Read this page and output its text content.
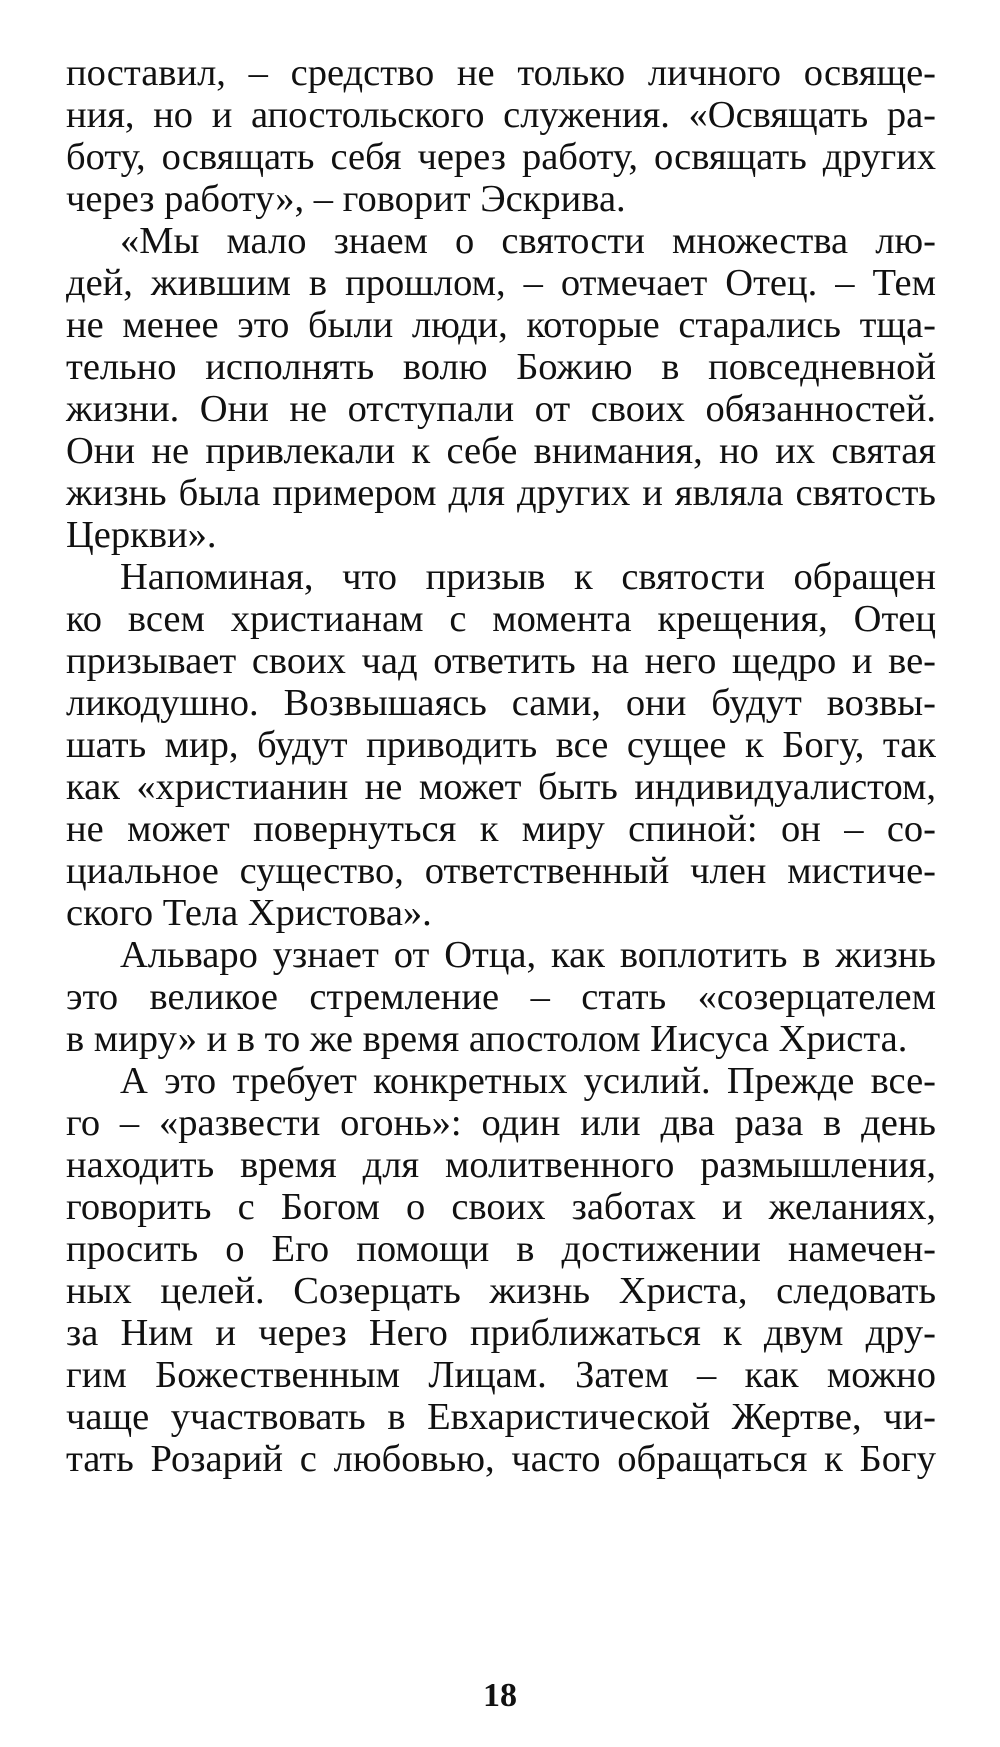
поставил, – средство не только личного освяще-
ния, но и апостольского служения. «Освящать ра-
боту, освящать себя через работу, освящать других
через работу», – говорит Эскрива.
«Мы мало знаем о святости множества лю-
дей, жившим в прошлом, – отмечает Отец. – Тем
не менее это были люди, которые старались тща-
тельно исполнять волю Божию в повседневной
жизни. Они не отступали от своих обязанностей.
Они не привлекали к себе внимания, но их святая
жизнь была примером для других и являла святость
Церкви».
Напоминая, что призыв к святости обращен
ко всем христианам с момента крещения, Отец
призывает своих чад ответить на него щедро и ве-
ликодушно. Возвышаясь сами, они будут возвы-
шать мир, будут приводить все сущее к Богу, так
как «христианин не может быть индивидуалистом,
не может повернуться к миру спиной: он – со-
циальное существо, ответственный член мистиче-
ского Тела Христова».
Альваро узнает от Отца, как воплотить в жизнь
это великое стремление – стать «созерцателем
в миру» и в то же время апостолом Иисуса Христа.
А это требует конкретных усилий. Прежде все-
го – «развести огонь»: один или два раза в день
находить время для молитвенного размышления,
говорить с Богом о своих заботах и желаниях,
просить о Его помощи в достижении намечен-
ных целей. Созерцать жизнь Христа, следовать
за Ним и через Него приближаться к двум дру-
гим Божественным Лицам. Затем – как можно
чаще участвовать в Евхаристической Жертве, чи-
тать Розарий с любовью, часто обращаться к Богу
18
